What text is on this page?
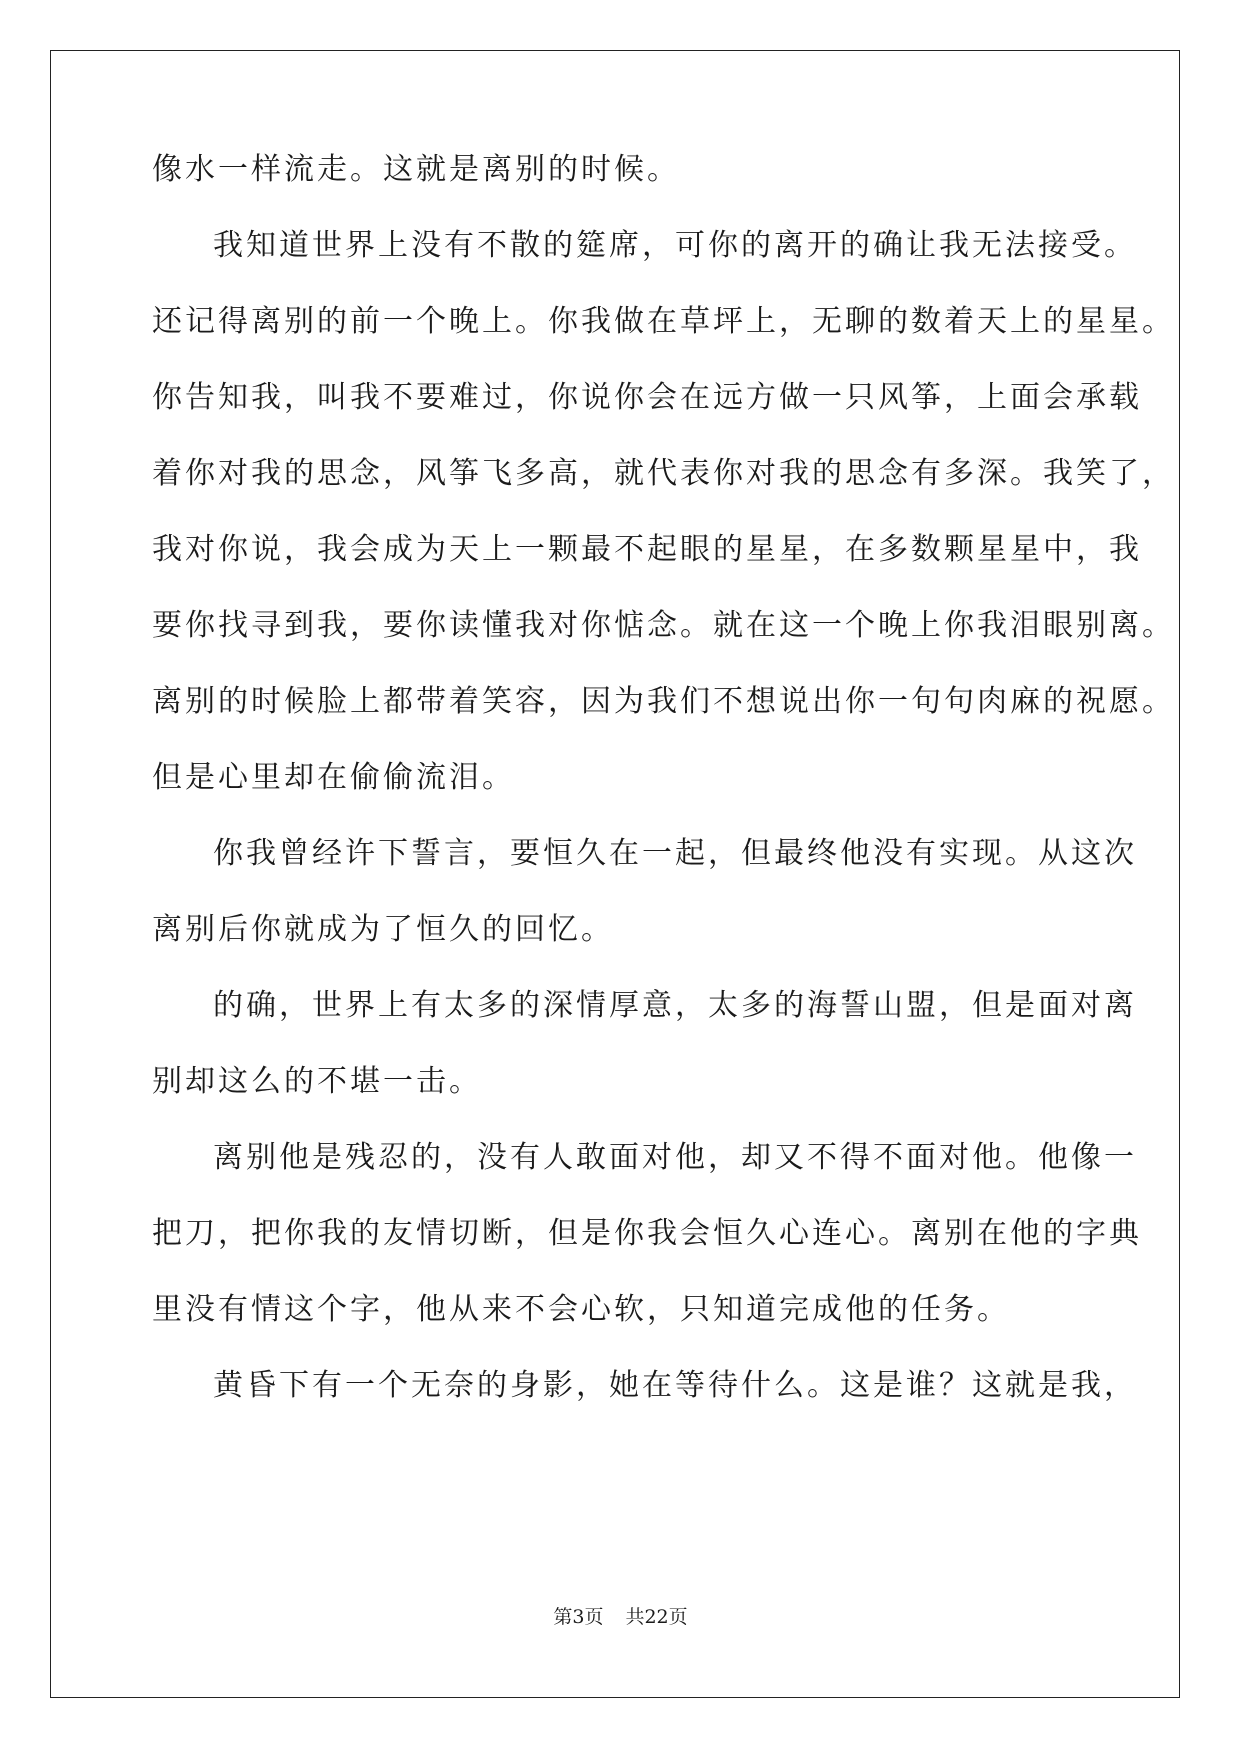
像水一样流走。这就是离别的时候。

我知道世界上没有不散的筵席，可你的离开的确让我无法接受。

还记得离别的前一个晚上。你我做在草坪上，无聊的数着天上的星星。

你告知我，叫我不要难过，你说你会在远方做一只风筝，上面会承载

着你对我的思念，风筝飞多高，就代表你对我的思念有多深。我笑了，

我对你说，我会成为天上一颗最不起眼的星星，在多数颗星星中，我

要你找寻到我，要你读懂我对你惦念。就在这一个晚上你我泪眼别离。

离别的时候脸上都带着笑容，因为我们不想说出你一句句肉麻的祝愿。

但是心里却在偷偷流泪。

你我曾经许下誓言，要恒久在一起，但最终他没有实现。从这次

离别后你就成为了恒久的回忆。

的确，世界上有太多的深情厚意，太多的海誓山盟，但是面对离

别却这么的不堪一击。

离别他是残忍的，没有人敢面对他，却又不得不面对他。他像一

把刀，把你我的友情切断，但是你我会恒久心连心。离别在他的字典

里没有情这个字，他从来不会心软，只知道完成他的任务。

黄昏下有一个无奈的身影，她在等待什么。这是谁？这就是我，

第3页 共22页
